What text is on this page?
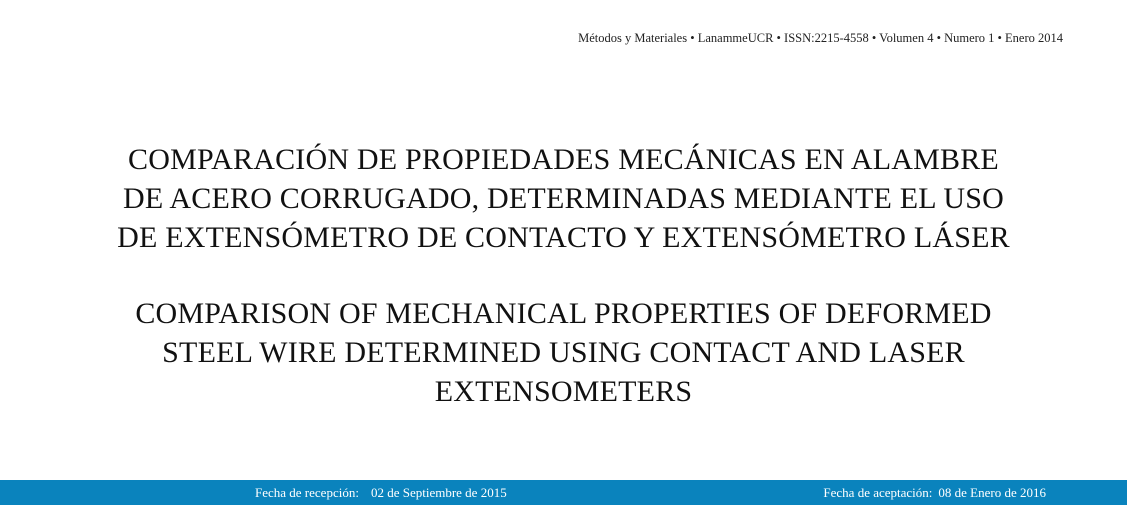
Métodos y Materiales • LanammeUCR • ISSN:2215-4558 • Volumen 4 • Numero 1 • Enero 2014
COMPARACIÓN DE PROPIEDADES MECÁNICAS EN ALAMBRE
DE ACERO CORRUGADO, DETERMINADAS MEDIANTE EL USO
DE EXTENSÓMETRO DE CONTACTO Y EXTENSÓMETRO LÁSER
COMPARISON OF MECHANICAL PROPERTIES OF DEFORMED
STEEL WIRE DETERMINED USING CONTACT AND LASER
EXTENSOMETERS
Fecha de recepción: 02 de Septiembre de 2015	Fecha de aceptación: 08 de Enero de 2016
